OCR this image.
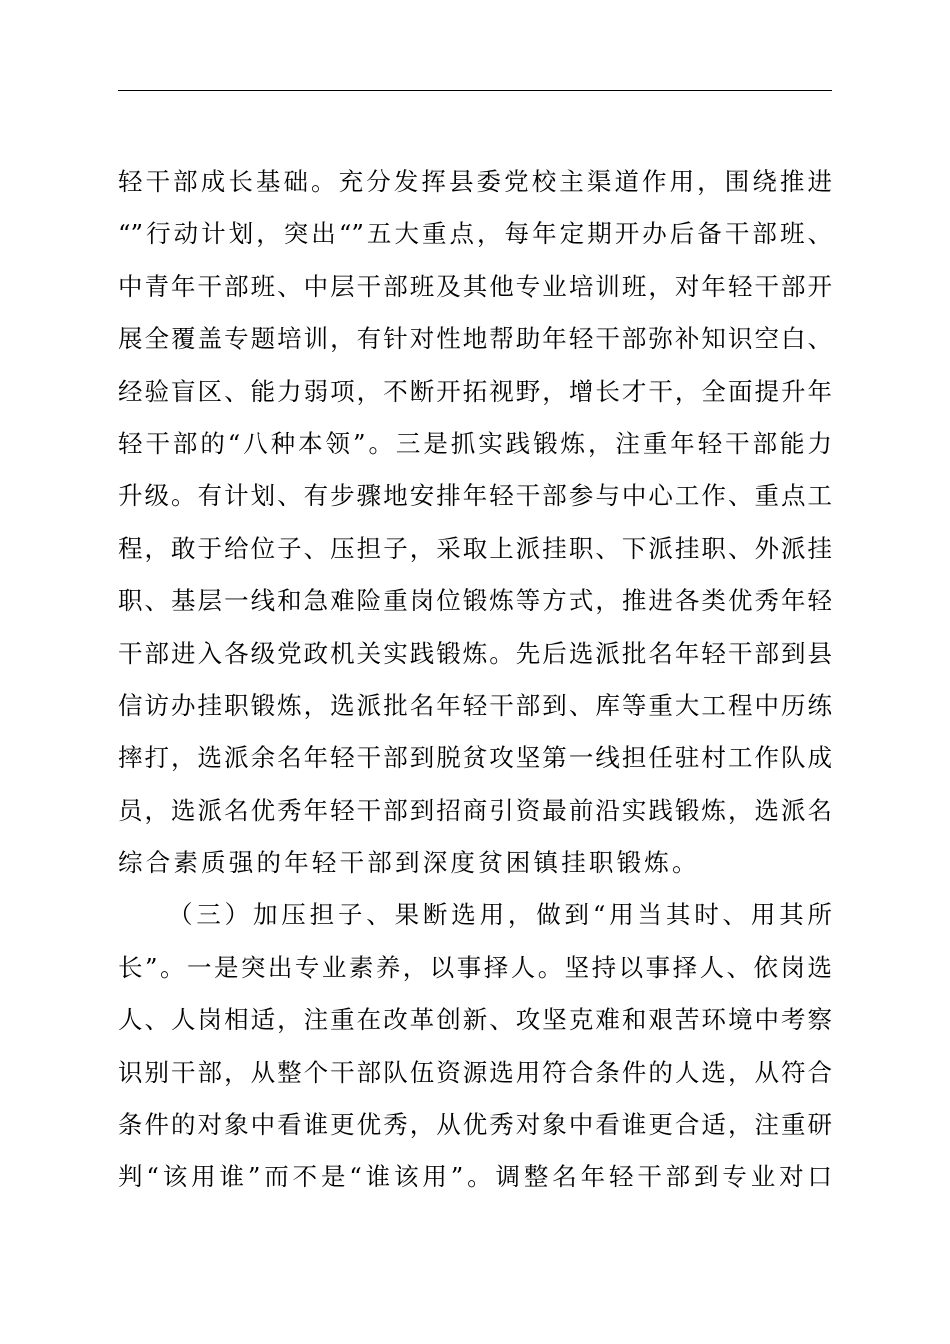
轻干部成长基础。充分发挥县委党校主渠道作用，围绕推进
“”行动计划，突出“”五大重点，每年定期开办后备干部班、
中青年干部班、中层干部班及其他专业培训班，对年轻干部开
展全覆盖专题培训，有针对性地帮助年轻干部弥补知识空白、
经验盲区、能力弱项，不断开拓视野，增长才干，全面提升年
轻干部的“八种本领”。三是抓实践锻炼，注重年轻干部能力
升级。有计划、有步骤地安排年轻干部参与中心工作、重点工
程，敢于给位子、压担子，采取上派挂职、下派挂职、外派挂
职、基层一线和急难险重岗位锻炼等方式，推进各类优秀年轻
干部进入各级党政机关实践锻炼。先后选派批名年轻干部到县
信访办挂职锻炼，选派批名年轻干部到、库等重大工程中历练
摔打，选派余名年轻干部到脱贫攻坚第一线担任驻村工作队成
员，选派名优秀年轻干部到招商引资最前沿实践锻炼，选派名
综合素质强的年轻干部到深度贫困镇挂职锻炼。
（三）加压担子、果断选用，做到“用当其时、用其所
长”。一是突出专业素养，以事择人。坚持以事择人、依岗选
人、人岗相适，注重在改革创新、攻坚克难和艰苦环境中考察
识别干部，从整个干部队伍资源选用符合条件的人选，从符合
条件的对象中看谁更优秀，从优秀对象中看谁更合适，注重研
判“该用谁”而不是“谁该用”。调整名年轻干部到专业对口
